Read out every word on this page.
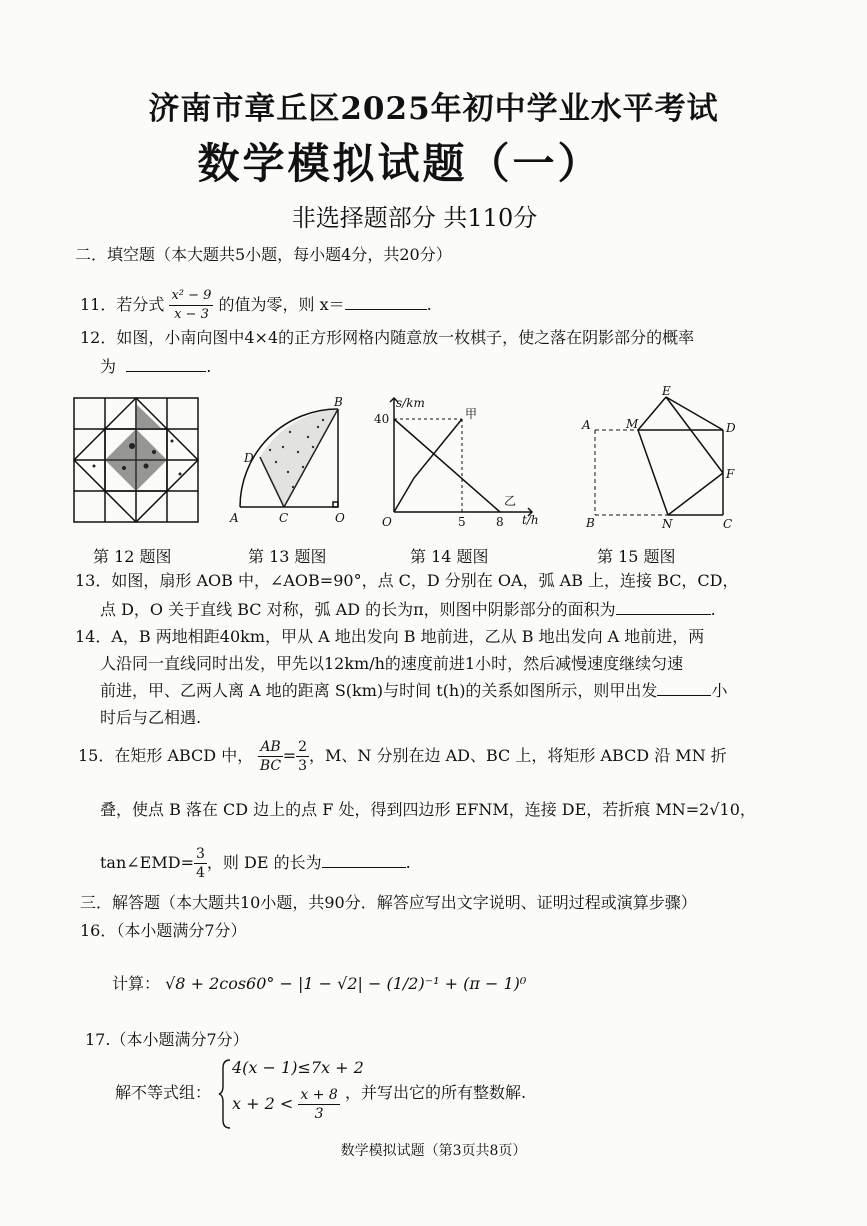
济南市章丘区2025年初中学业水平考试
数学模拟试题（一）
非选择题部分 共110分
二．填空题（本大题共5小题，每小题4分，共20分）
11．若分式 $\frac{\text{x² − 9}}{x - 3}$ 的值为零，则 x＝	.
12．如图，小南向图中4×4的正方形网格内随意放一枚棋子，使之落在阴影部分的概率
为	.
第 12 题图
A	C	O
B
D
第 13 题图
s/km
40
O	5	8 t/h
甲
乙
第 14 题图
E
A	M	D
F
B	N	C
第 15 题图
13．如图，扇形 AOB 中，∠AOB=90°，点 C，D 分别在 OA，弧 AB 上，连接 BC，CD，
点 D，O 关于直线 BC 对称，弧 AD 的长为π，则图中阴影部分的面积为	.
14．A，B 两地相距40km，甲从 A 地出发向 B 地前进，乙从 B 地出发向 A 地前进，两
人沿同一直线同时出发，甲先以12km/h的速度前进1小时，然后减慢速度继续匀速
前进，甲、乙两人离 A 地的距离 S(km)与时间 t(h)的关系如图所示，则甲出发	小
时后与乙相遇.
15．在矩形 ABCD 中， $\frac{AB}{BC} = \frac{2}{3}$ ，M、N 分别在边 AD、BC 上，将矩形 ABCD 沿 MN 折
叠，使点 B 落在 CD 边上的点 F 处，得到四边形 EFNM，连接 DE，若折痕 MN=2√10，
tan∠EMD= $\frac{3}{4}$ ，则 DE 的长为	.
三．解答题（本大题共10小题，共90分．解答应写出文字说明、证明过程或演算步骤）
16．（本小题满分7分）
计算： √8 + 2cos60° − |1 − √2| − (1/2)⁻¹ + (π − 1)⁰
17.（本小题满分7分）
解不等式组：
4(x − 1)≤7x + 2
$x + 2 < \frac{x + 8}{3}$ ，并写出它的所有整数解.
数学模拟试题（第3页共8页）
